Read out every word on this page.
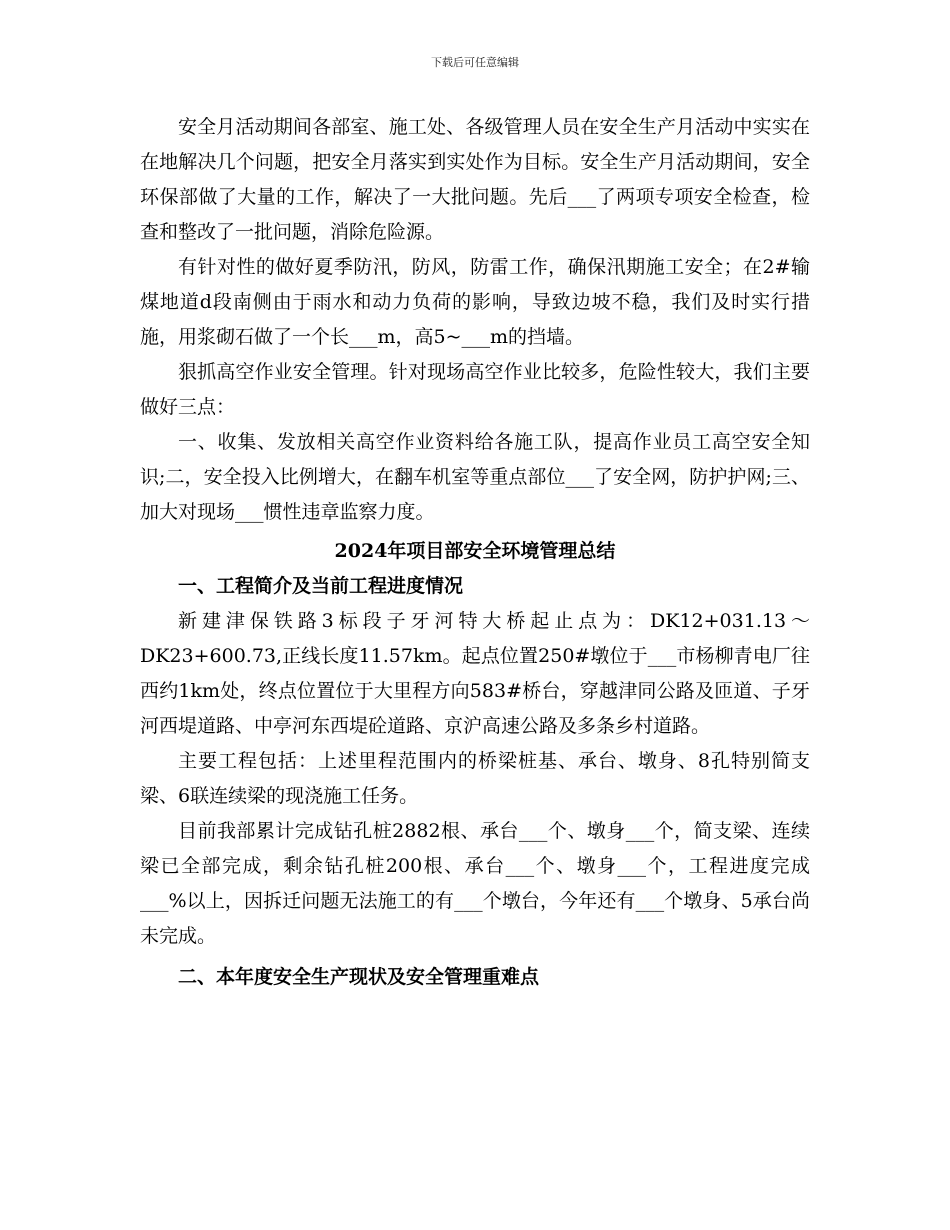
下载后可任意编辑

安全月活动期间各部室、施工处、各级管理人员在安全生产月活动中实实在在地解决几个问题，把安全月落实到实处作为目标。安全生产月活动期间，安全环保部做了大量的工作，解决了一大批问题。先后___了两项专项安全检查，检查和整改了一批问题，消除危险源。

有针对性的做好夏季防汛，防风，防雷工作，确保汛期施工安全；在2#输煤地道d段南侧由于雨水和动力负荷的影响，导致边坡不稳，我们及时实行措施，用浆砌石做了一个长___m，高5~___m的挡墙。

狠抓高空作业安全管理。针对现场高空作业比较多，危险性较大，我们主要做好三点：

一、收集、发放相关高空作业资料给各施工队，提高作业员工高空安全知识;二，安全投入比例增大，在翻车机室等重点部位___了安全网，防护护网;三、加大对现场___惯性违章监察力度。

2024年项目部安全环境管理总结

一、工程简介及当前工程进度情况

新建津保铁路3标段子牙河特大桥起止点为：DK12+031.13～DK23+600.73,正线长度11.57km。起点位置250#墩位于___市杨柳青电厂往西约1km处，终点位置位于大里程方向583#桥台，穿越津同公路及匝道、子牙河西堤道路、中亭河东西堤砼道路、京沪高速公路及多条乡村道路。

主要工程包括：上述里程范围内的桥梁桩基、承台、墩身、8孔特别简支梁、6联连续梁的现浇施工任务。

目前我部累计完成钻孔桩2882根、承台___个、墩身___个，简支梁、连续梁已全部完成，剩余钻孔桩200根、承台___个、墩身___个，工程进度完成___%以上，因拆迁问题无法施工的有___个墩台，今年还有___个墩身、5承台尚未完成。

二、本年度安全生产现状及安全管理重难点
